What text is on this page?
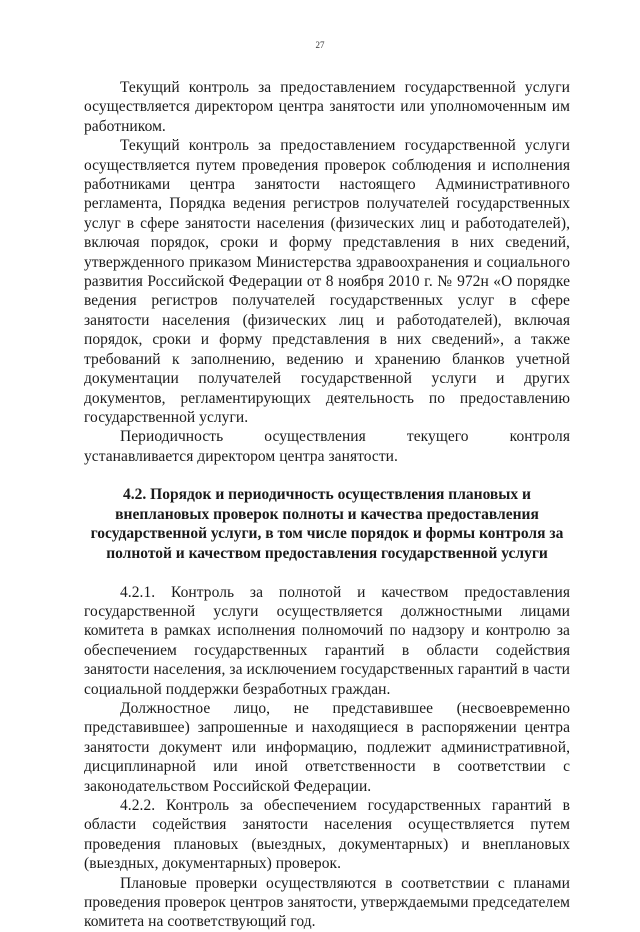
27

Текущий контроль за предоставлением государственной услуги осуществляется директором центра занятости или уполномоченным им работником.

Текущий контроль за предоставлением государственной услуги осуществляется путем проведения проверок соблюдения и исполнения работниками центра занятости настоящего Административного регламента, Порядка ведения регистров получателей государственных услуг в сфере занятости населения (физических лиц и работодателей), включая порядок, сроки и форму представления в них сведений, утвержденного приказом Министерства здравоохранения и социального развития Российской Федерации от 8 ноября 2010 г. № 972н «О порядке ведения регистров получателей государственных услуг в сфере занятости населения (физических лиц и работодателей), включая порядок, сроки и форму представления в них сведений», а также требований к заполнению, ведению и хранению бланков учетной документации получателей государственной услуги и других документов, регламентирующих деятельность по предоставлению государственной услуги.

Периодичность осуществления текущего контроля устанавливается директором центра занятости.

4.2. Порядок и периодичность осуществления плановых и внеплановых проверок полноты и качества предоставления государственной услуги, в том числе порядок и формы контроля за полнотой и качеством предоставления государственной услуги

4.2.1. Контроль за полнотой и качеством предоставления государственной услуги осуществляется должностными лицами комитета в рамках исполнения полномочий по надзору и контролю за обеспечением государственных гарантий в области содействия занятости населения, за исключением государственных гарантий в части социальной поддержки безработных граждан.

Должностное лицо, не представившее (несвоевременно представившее) запрошенные и находящиеся в распоряжении центра занятости документ или информацию, подлежит административной, дисциплинарной или иной ответственности в соответствии с законодательством Российской Федерации.

4.2.2. Контроль за обеспечением государственных гарантий в области содействия занятости населения осуществляется путем проведения плановых (выездных, документарных) и внеплановых (выездных, документарных) проверок.

Плановые проверки осуществляются в соответствии с планами проведения проверок центров занятости, утверждаемыми председателем комитета на соответствующий год.
